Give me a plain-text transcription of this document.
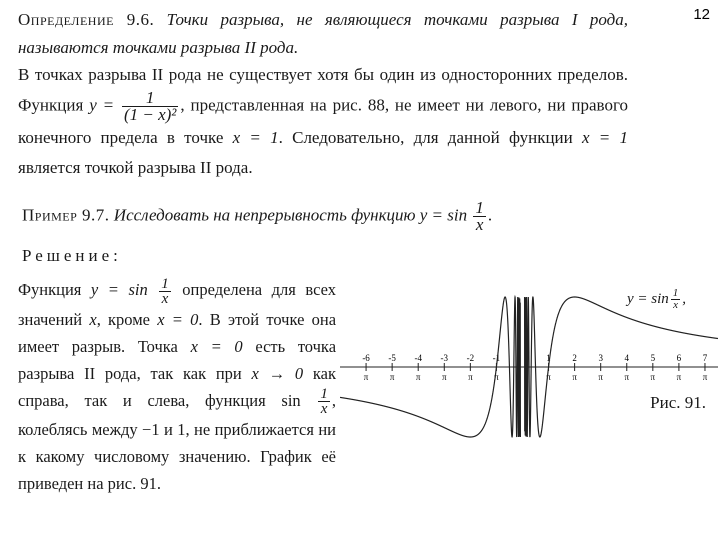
12
Определение 9.6. Точки разрыва, не являющиеся точками разрыва I рода, называются точками разрыва II рода.
В точках разрыва II рода не существует хотя бы один из односторонних пределов. Функция $y = \frac{1}{\text{(1 − x)²}}$ , представленная на рис. 88, не имеет ни левого, ни правого конечного предела в точке x = 1. Следовательно, для данной функции x = 1 является точкой разрыва II рода.
Пример 9.7. Исследовать на непрерывность функцию $y = \sin \frac{1}{x}$ .
Решение:
Функция $y = \sin \frac{1}{x}$ определена для всех значений x, кроме x = 0. В этой точке она имеет разрыв. Точка x = 0 есть точка разрыва II рода, так как при x → 0 как справа, так и слева, функция $\sin \frac{1}{x}$ , колеблясь между −1 и 1, не приближается ни к какому числовому значению. График её приведен на рис. 91.
-6
π
-5
π
-4
π
-3
π
-2
π
-1
π
1
π
2
π
3
π
4
π
5
π
6
π
7
π
$y = \sin \frac{1}{x}$ ,
Рис. 91.
